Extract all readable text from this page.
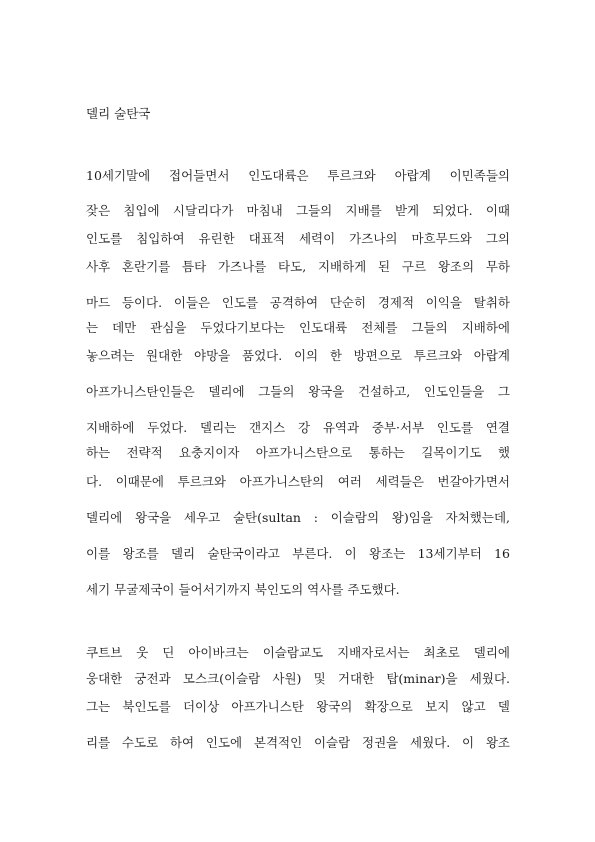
델리 술탄국
10세기말에 접어들면서 인도대륙은 투르크와 아랍계 이민족들의
잦은 침입에 시달리다가 마침내 그들의 지배를 받게 되었다. 이때
인도를 침입하여 유린한 대표적 세력이 가즈나의 마흐무드와 그의
사후 혼란기를 틈타 가즈나를 타도, 지배하게 된 구르 왕조의 무하
마드 등이다. 이들은 인도를 공격하여 단순히 경제적 이익을 탈취하
는 데만 관심을 두었다기보다는 인도대륙 전체를 그들의 지배하에
놓으려는 원대한 야망을 품었다. 이의 한 방편으로 투르크와 아랍계
아프가니스탄인들은 델리에 그들의 왕국을 건설하고, 인도인들을 그
지배하에 두었다. 델리는 갠지스 강 유역과 중부·서부 인도를 연결
하는 전략적 요충지이자 아프가니스탄으로 통하는 길목이기도 했
다. 이때문에 투르크와 아프가니스탄의 여러 세력들은 번갈아가면서
델리에 왕국을 세우고 술탄(sultan : 이슬람의 왕)임을 자처했는데,
이를 왕조를 델리 술탄국이라고 부른다. 이 왕조는 13세기부터 16
세기 무굴제국이 들어서기까지 북인도의 역사를 주도했다.
쿠트브 웃 딘 아이바크는 이슬람교도 지배자로서는 최초로 델리에
웅대한 궁전과 모스크(이슬람 사원) 및 거대한 탑(minar)을 세웠다.
그는 북인도를 더이상 아프가니스탄 왕국의 확장으로 보지 않고 델
리를 수도로 하여 인도에 본격적인 이슬람 정권을 세웠다. 이 왕조
